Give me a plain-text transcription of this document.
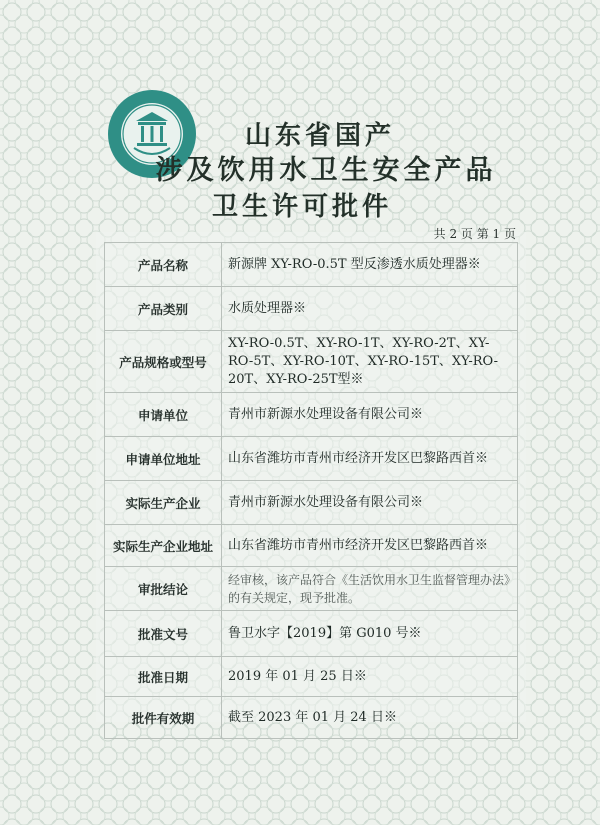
山东省国产
涉及饮用水卫生安全产品
卫生许可批件
共 2 页 第 1 页
产品名称	新源牌 XY-RO-0.5T 型反渗透水质处理器※
产品类别	水质处理器※
产品规格或型号	XY-RO-0.5T、XY-RO-1T、XY-RO-2T、XY-RO-5T、XY-RO-10T、XY-RO-15T、XY-RO-20T、XY-RO-25T型※
申请单位	青州市新源水处理设备有限公司※
申请单位地址	山东省潍坊市青州市经济开发区巴黎路西首※
实际生产企业	青州市新源水处理设备有限公司※
实际生产企业地址	山东省潍坊市青州市经济开发区巴黎路西首※
审批结论	经审核，该产品符合《生活饮用水卫生监督管理办法》的有关规定，现予批准。
批准文号	鲁卫水字【2019】第 G010 号※
批准日期	2019 年 01 月 25 日※
批件有效期	截至 2023 年 01 月 24 日※
